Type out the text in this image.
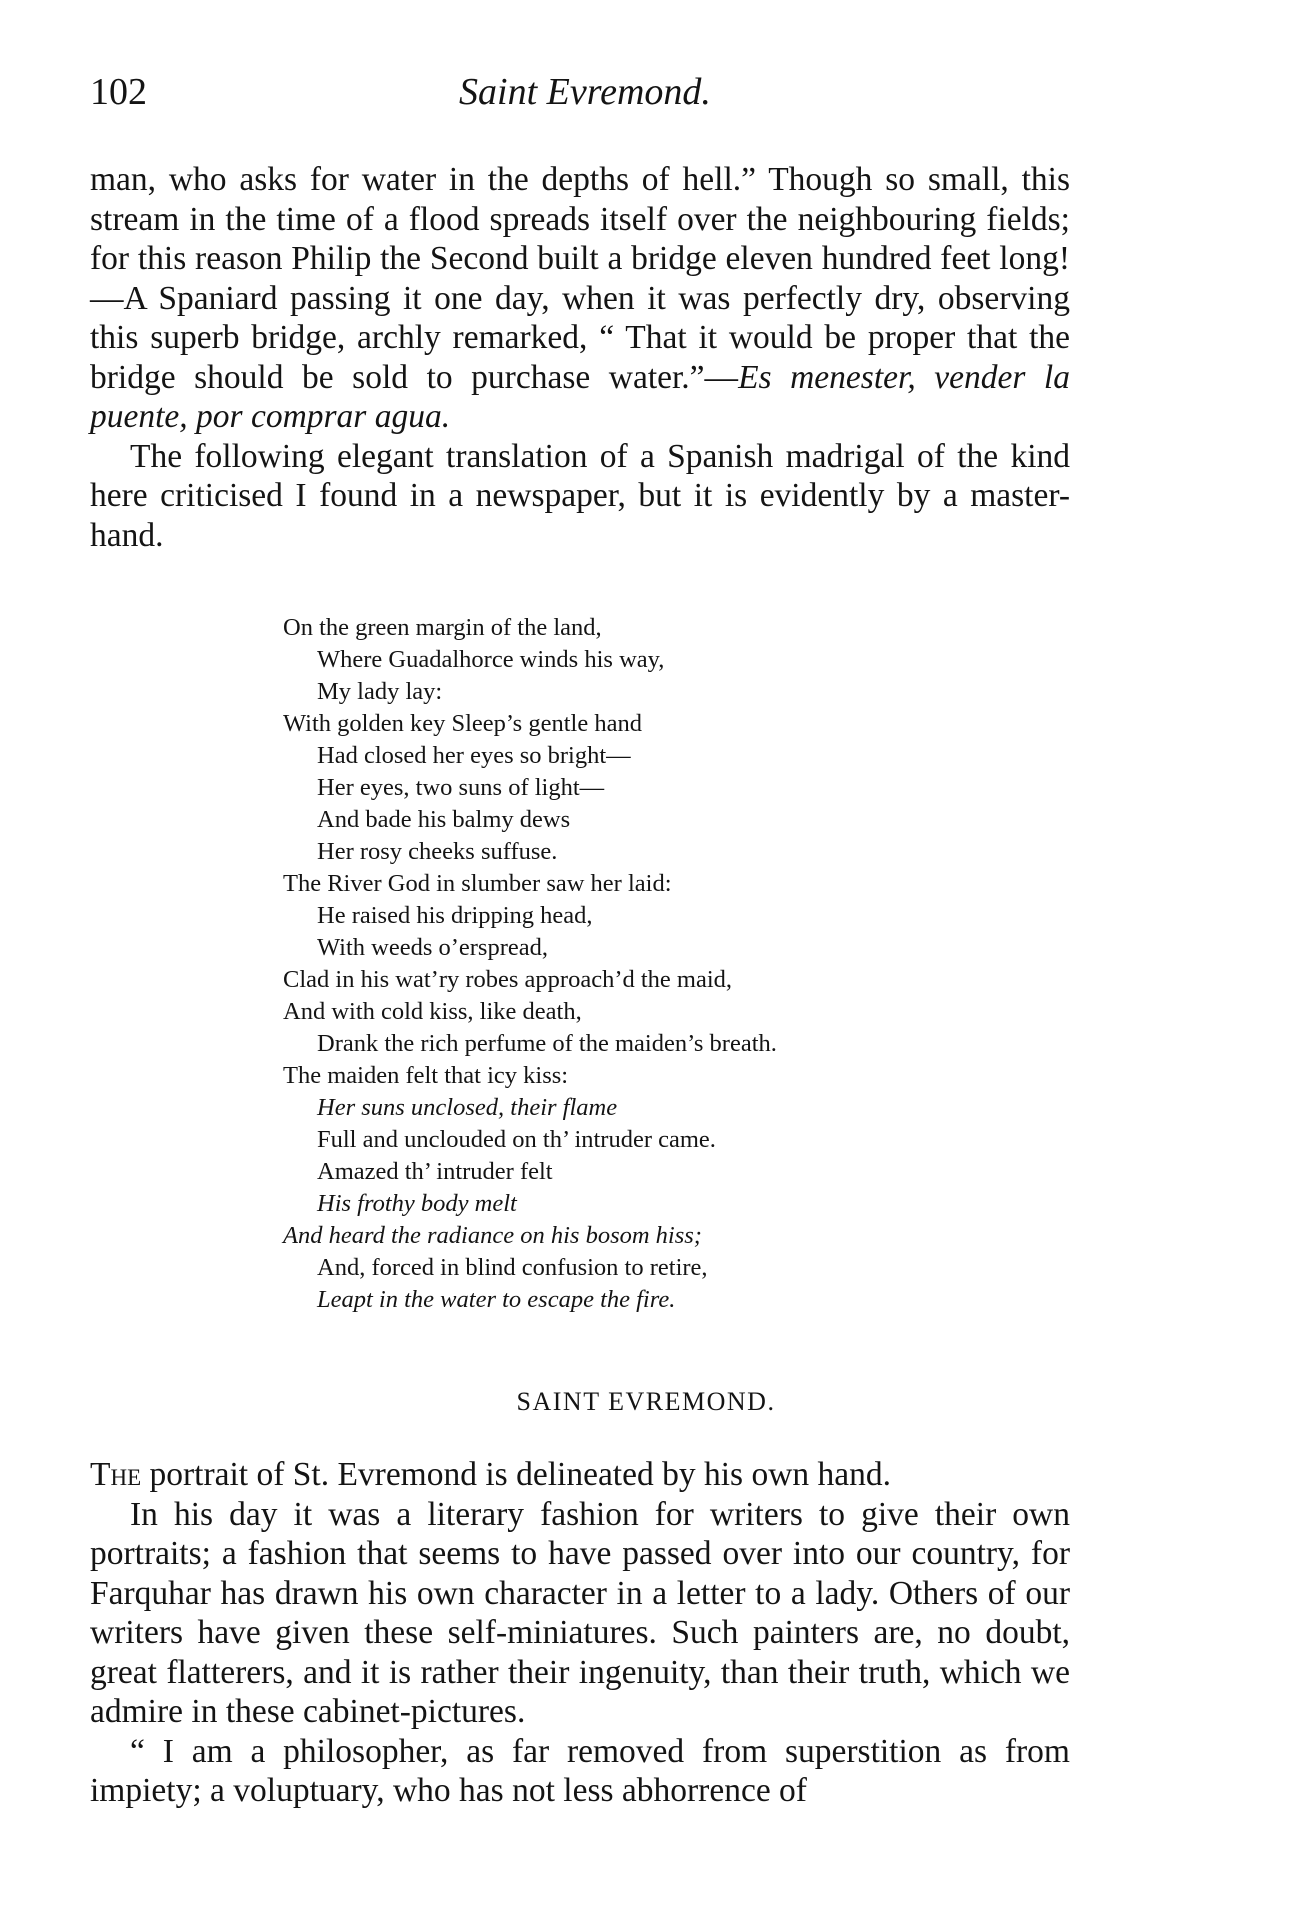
102	Saint Evremond.

man, who asks for water in the depths of hell.” Though so small, this stream in the time of a flood spreads itself over the neighbouring fields; for this reason Philip the Second built a bridge eleven hundred feet long!—A Spaniard passing it one day, when it was perfectly dry, observing this superb bridge, archly remarked, “ That it would be proper that the bridge should be sold to purchase water.”—Es menester, vender la puente, por comprar agua.

The following elegant translation of a Spanish madrigal of the kind here criticised I found in a newspaper, but it is evidently by a master-hand.

On the green margin of the land,
Where Guadalhorce winds his way,
My lady lay:
With golden key Sleep’s gentle hand
Had closed her eyes so bright—
Her eyes, two suns of light—
And bade his balmy dews
Her rosy cheeks suffuse.
The River God in slumber saw her laid:
He raised his dripping head,
With weeds o’erspread,
Clad in his wat’ry robes approach’d the maid,
And with cold kiss, like death,
Drank the rich perfume of the maiden’s breath.
The maiden felt that icy kiss:
Her suns unclosed, their flame
Full and unclouded on th’ intruder came.
Amazed th’ intruder felt
His frothy body melt
And heard the radiance on his bosom hiss;
And, forced in blind confusion to retire,
Leapt in the water to escape the fire.
SAINT EVREMOND.

The portrait of St. Evremond is delineated by his own hand.

In his day it was a literary fashion for writers to give their own portraits; a fashion that seems to have passed over into our country, for Farquhar has drawn his own character in a letter to a lady. Others of our writers have given these self-miniatures. Such painters are, no doubt, great flatterers, and it is rather their ingenuity, than their truth, which we admire in these cabinet-pictures.

“ I am a philosopher, as far removed from superstition as from impiety; a voluptuary, who has not less abhorrence of
